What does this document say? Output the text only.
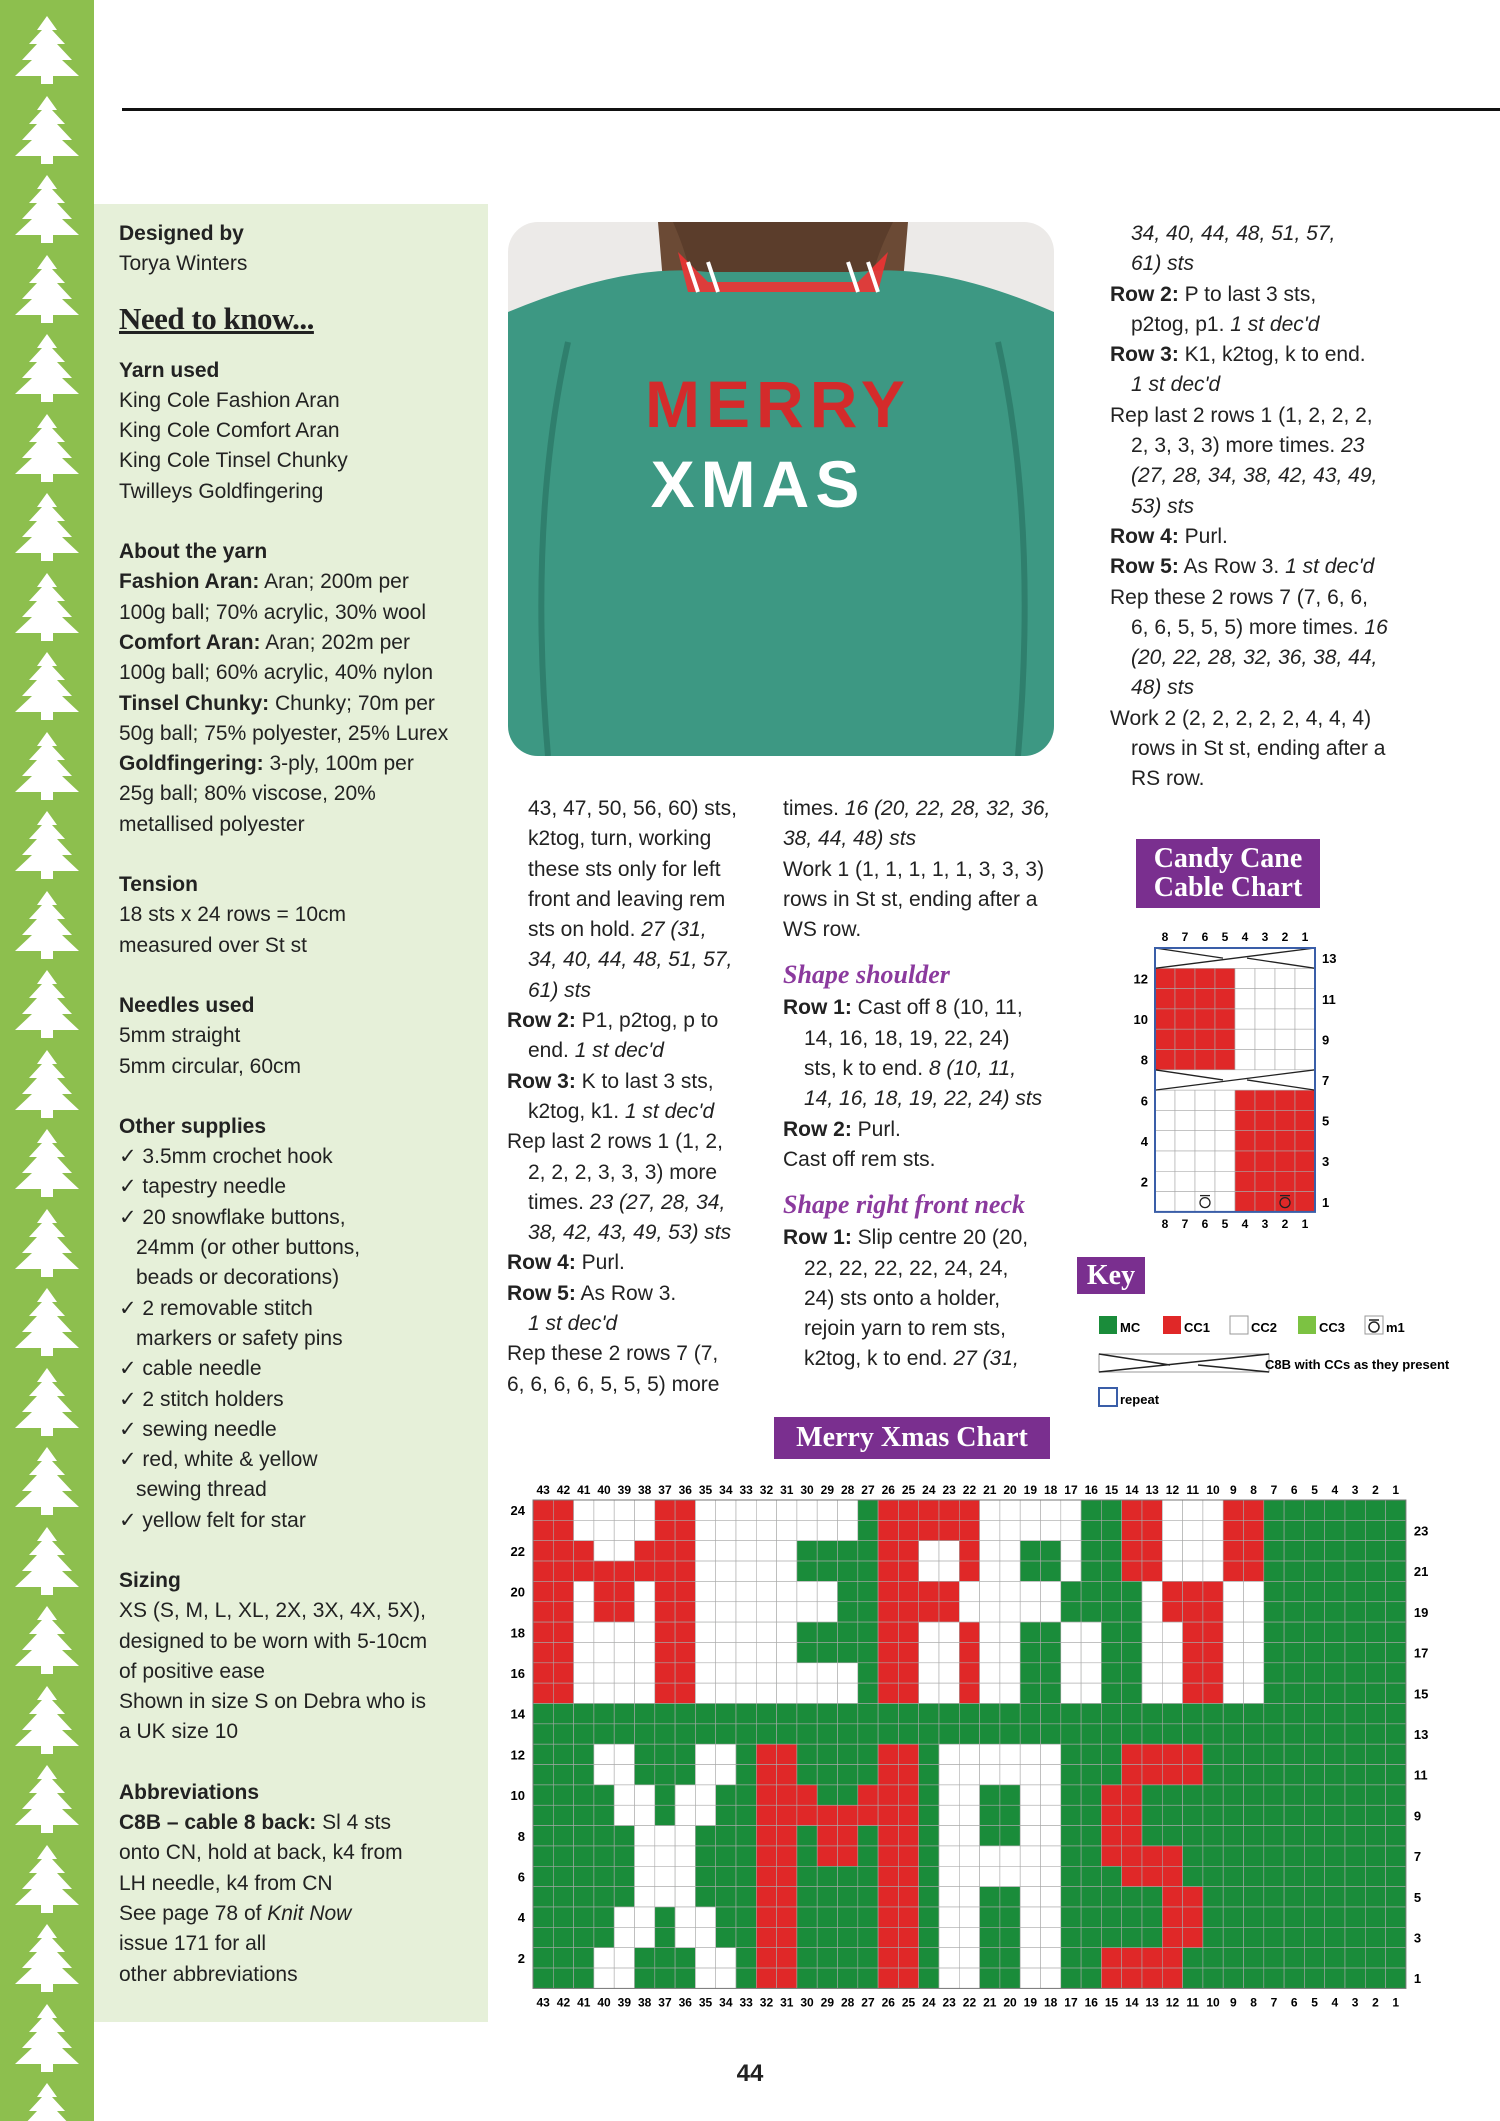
Designed by
Torya Winters
Need to know...
Yarn used
King Cole Fashion Aran
King Cole Comfort Aran
King Cole Tinsel Chunky
Twilleys Goldfingering
About the yarn
Fashion Aran: Aran; 200m per
100g ball; 70% acrylic, 30% wool
Comfort Aran: Aran; 202m per
100g ball; 60% acrylic, 40% nylon
Tinsel Chunky: Chunky; 70m per
50g ball; 75% polyester, 25% Lurex
Goldfingering: 3-ply, 100m per
25g ball; 80% viscose, 20%
metallised polyester
Tension
18 sts x 24 rows = 10cm
measured over St st
Needles used
5mm straight
5mm circular, 60cm
Other supplies
✓ 3.5mm crochet hook
✓ tapestry needle
✓ 20 snowflake buttons,
24mm (or other buttons,
beads or decorations)
✓ 2 removable stitch
markers or safety pins
✓ cable needle
✓ 2 stitch holders
✓ sewing needle
✓ red, white & yellow
sewing thread
✓ yellow felt for star
Sizing
XS (S, M, L, XL, 2X, 3X, 4X, 5X),
designed to be worn with 5-10cm
of positive ease
Shown in size S on Debra who is
a UK size 10
Abbreviations
C8B – cable 8 back: Sl 4 sts
onto CN, hold at back, k4 from
LH needle, k4 from CN
See page 78 of Knit Now
issue 171 for all
other abbreviations
MERRY
XMAS
43, 47, 50, 56, 60) sts,
k2tog, turn, working
these sts only for left
front and leaving rem
sts on hold. 27 (31,
34, 40, 44, 48, 51, 57,
61) sts
Row 2: P1, p2tog, p to
end. 1 st dec'd
Row 3: K to last 3 sts,
k2tog, k1. 1 st dec'd
Rep last 2 rows 1 (1, 2,
2, 2, 2, 3, 3, 3) more
times. 23 (27, 28, 34,
38, 42, 43, 49, 53) sts
Row 4: Purl.
Row 5: As Row 3.
1 st dec'd
Rep these 2 rows 7 (7,
6, 6, 6, 6, 5, 5, 5) more
times. 16 (20, 22, 28, 32, 36,
38, 44, 48) sts
Work 1 (1, 1, 1, 1, 1, 3, 3, 3)
rows in St st, ending after a
WS row.
Shape shoulder
Row 1: Cast off 8 (10, 11,
14, 16, 18, 19, 22, 24)
sts, k to end. 8 (10, 11,
14, 16, 18, 19, 22, 24) sts
Row 2: Purl.
Cast off rem sts.
Shape right front neck
Row 1: Slip centre 20 (20,
22, 22, 22, 22, 24, 24,
24) sts onto a holder,
rejoin yarn to rem sts,
k2tog, k to end. 27 (31,
34, 40, 44, 48, 51, 57,
61) sts
Row 2: P to last 3 sts,
p2tog, p1. 1 st dec'd
Row 3: K1, k2tog, k to end.
1 st dec'd
Rep last 2 rows 1 (1, 2, 2, 2,
2, 3, 3, 3) more times. 23
(27, 28, 34, 38, 42, 43, 49,
53) sts
Row 4: Purl.
Row 5: As Row 3. 1 st dec'd
Rep these 2 rows 7 (7, 6, 6,
6, 6, 5, 5, 5) more times. 16
(20, 22, 28, 32, 36, 38, 44,
48) sts
Work 2 (2, 2, 2, 2, 2, 4, 4, 4)
rows in St st, ending after a
RS row.
Candy Cane
Cable Chart
8
8
7
7
6
6
5
5
4
4
3
3
2
2
1
1
12
10
8
6
4
2
13
11
9
7
5
3
1
Key
MC	CC1	CC2	CC3	m1
C8B with CCs as they present
repeat
Merry Xmas Chart
43
43
42
42
41
41
40
40
39
39
38
38
37
37
36
36
35
35
34
34
33
33
32
32
31
31
30
30
29
29
28
28
27
27
26
26
25
25
24
24
23
23
22
22
21
21
20
20
19
19
18
18
17
17
16
16
15
15
14
14
13
13
12
12
11
11
10
10
9
9
8
8
7
7
6
6
5
5
4
4
3
3
2
2
1
1
24
22
20
18
16
14
12
10
8
6
4
2
23
21
19
17
15
13
11
9
7
5
3
1
44
